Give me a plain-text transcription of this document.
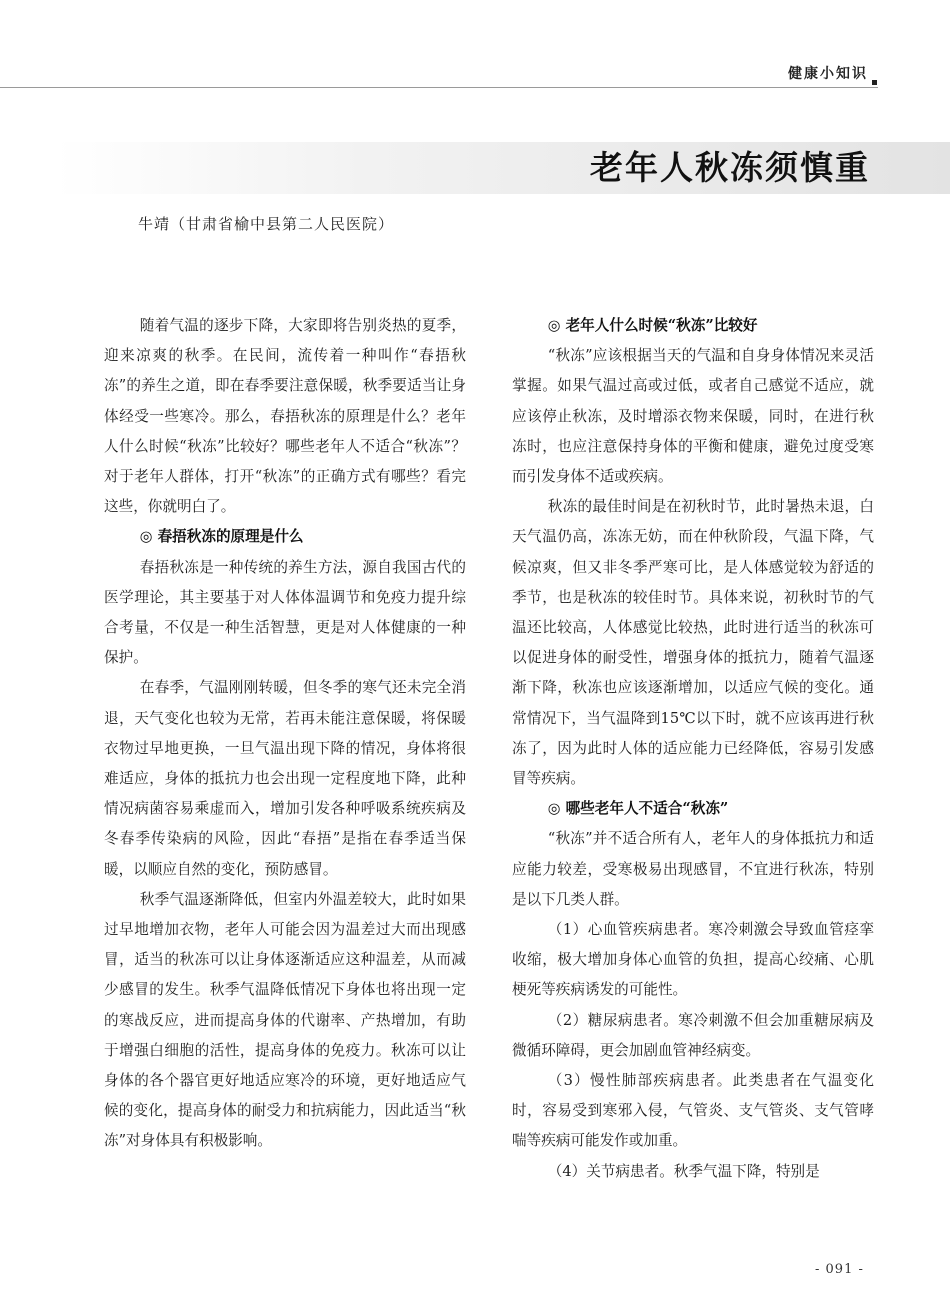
健康小知识
老年人秋冻须慎重
牛靖（甘肃省榆中县第二人民医院）

随着气温的逐步下降，大家即将告别炎热的夏季，迎来凉爽的秋季。在民间，流传着一种叫作“春捂秋冻”的养生之道，即在春季要注意保暖，秋季要适当让身体经受一些寒冷。那么，春捂秋冻的原理是什么？老年人什么时候“秋冻”比较好？哪些老年人不适合“秋冻”？对于老年人群体，打开“秋冻”的正确方式有哪些？看完这些，你就明白了。

◎ 春捂秋冻的原理是什么

春捂秋冻是一种传统的养生方法，源自我国古代的医学理论，其主要基于对人体体温调节和免疫力提升综合考量，不仅是一种生活智慧，更是对人体健康的一种保护。

在春季，气温刚刚转暖，但冬季的寒气还未完全消退，天气变化也较为无常，若再未能注意保暖，将保暖衣物过早地更换，一旦气温出现下降的情况，身体将很难适应，身体的抵抗力也会出现一定程度地下降，此种情况病菌容易乘虚而入，增加引发各种呼吸系统疾病及冬春季传染病的风险，因此“春捂”是指在春季适当保暖，以顺应自然的变化，预防感冒。

秋季气温逐渐降低，但室内外温差较大，此时如果过早地增加衣物，老年人可能会因为温差过大而出现感冒，适当的秋冻可以让身体逐渐适应这种温差，从而减少感冒的发生。秋季气温降低情况下身体也将出现一定的寒战反应，进而提高身体的代谢率、产热增加，有助于增强白细胞的活性，提高身体的免疫力。秋冻可以让身体的各个器官更好地适应寒冷的环境，更好地适应气候的变化，提高身体的耐受力和抗病能力，因此适当“秋冻”对身体具有积极影响。

◎ 老年人什么时候“秋冻”比较好

“秋冻”应该根据当天的气温和自身身体情况来灵活掌握。如果气温过高或过低，或者自己感觉不适应，就应该停止秋冻，及时增添衣物来保暖，同时，在进行秋冻时，也应注意保持身体的平衡和健康，避免过度受寒而引发身体不适或疾病。

秋冻的最佳时间是在初秋时节，此时暑热未退，白天气温仍高，冻冻无妨，而在仲秋阶段，气温下降，气候凉爽，但又非冬季严寒可比，是人体感觉较为舒适的季节，也是秋冻的较佳时节。具体来说，初秋时节的气温还比较高，人体感觉比较热，此时进行适当的秋冻可以促进身体的耐受性，增强身体的抵抗力，随着气温逐渐下降，秋冻也应该逐渐增加，以适应气候的变化。通常情况下，当气温降到15℃以下时，就不应该再进行秋冻了，因为此时人体的适应能力已经降低，容易引发感冒等疾病。

◎ 哪些老年人不适合“秋冻”

“秋冻”并不适合所有人，老年人的身体抵抗力和适应能力较差，受寒极易出现感冒，不宜进行秋冻，特别是以下几类人群。

（1）心血管疾病患者。寒冷刺激会导致血管痉挛收缩，极大增加身体心血管的负担，提高心绞痛、心肌梗死等疾病诱发的可能性。

（2）糖尿病患者。寒冷刺激不但会加重糖尿病及微循环障碍，更会加剧血管神经病变。

（3）慢性肺部疾病患者。此类患者在气温变化时，容易受到寒邪入侵，气管炎、支气管炎、支气管哮喘等疾病可能发作或加重。

（4）关节病患者。秋季气温下降，特别是

- 091 -
